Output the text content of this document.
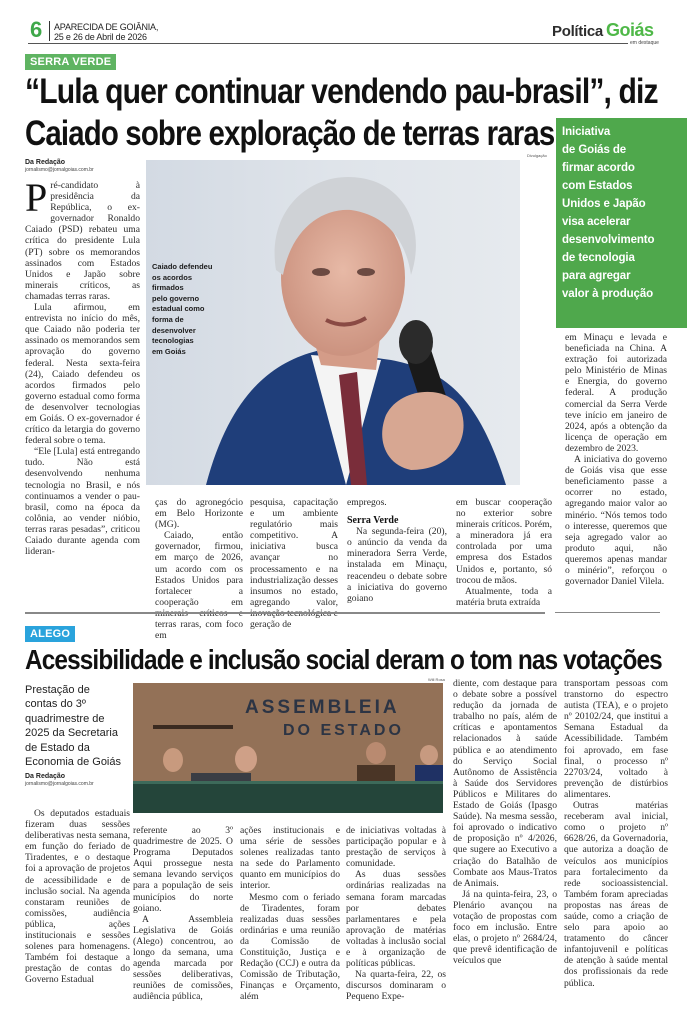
6 APARECIDA DE GOIÂNIA,
25 e 26 de Abril de 2026	Política Goiás
em destaque
SERRA VERDE
“Lula quer continuar vendendo pau-brasil”, diz
Caiado sobre exploração de terras raras
Divulgação

Iniciativa
de Goiás de
firmar acordo
com Estados
Unidos e Japão
visa acelerar
desenvolvimento
de tecnologia
para agregar
valor à produção

Da Redação
jornalismo@jornalgoias.com.br

Pré-candidato à presidência da República, o ex-governador Ronaldo Caiado (PSD) rebateu uma crítica do presidente Lula (PT) sobre os memorandos assinados com Estados Unidos e Japão sobre minerais críticos, as chamadas terras raras.

Lula afirmou, em entrevista no início do mês, que Caiado não poderia ter assinado os memorandos sem aprovação do governo federal. Nesta sexta-feira (24), Caiado defendeu os acordos firmados pelo governo estadual como forma de desenvolver tecnologias em Goiás. O ex-governador é crítico da letargia do governo federal sobre o tema.

“Ele [Lula] está entregando tudo. Não está desenvolvendo nenhuma tecnologia no Brasil, e nós continuamos a vender o pau-brasil, como na época da colônia, ao vender nióbio, terras raras pesadas”, criticou Caiado durante agenda com lideran-

Caiado defendeu
os acordos
firmados
pelo governo
estadual como
forma de
desenvolver
tecnologias
em Goiás

ças do agronegócio em Belo Horizonte (MG).

Caiado, então governador, firmou, em março de 2026, um acordo com os Estados Unidos para fortalecer a cooperação em terras raras, com foco em

pesquisa, capacitação e um ambiente regulatório mais competitivo. A iniciativa busca avançar no processamento e na industrialização desses insumos no estado, agregando valor, geração de

empregos.

Serra Verde

Na segunda-feira (20), o anúncio da venda da mineradora Serra Verde, instalada em Minaçu, reacendeu o debate sobre a iniciativa do governo goiano

em buscar cooperação no exterior sobre minerais críticos. Porém, a mineradora já era controlada por uma empresa dos Estados Unidos e, portanto, só trocou de mãos.

Atualmente, toda a matéria bruta extraída

em Minaçu e levada e beneficiada na China. A extração foi autorizada pelo Ministério de Minas e Energia, do governo federal. A produção comercial da Serra Verde teve início em janeiro de 2024, após a obtenção da licença de operação em dezembro de 2023.

A iniciativa do governo de Goiás visa que esse beneficiamento passe a ocorrer no estado, agregando maior valor ao minério. “Nós temos todo o interesse, queremos que seja agregado valor ao produto aqui, não queremos apenas mandar o minério”, reforçou o governador Daniel Vilela.

ALEGO
Acessibilidade e inclusão social deram o tom nas votações
Prestação de
contas do 3º
quadrimestre de
2025 da Secretaria
de Estado da
Economia de Goiás
Da Redação
jornalismo@jornalgoias.com.br
Will Rosa
ASSEMBLEIA
DO ESTADO

Os deputados estaduais fizeram duas sessões deliberativas nesta semana, em função do feriado de Tiradentes, e o destaque foi a aprovação de projetos de acessibilidade e de inclusão social. Na agenda constaram reuniões de comissões, audiência pública, ações institucionais e sessões solenes para homenagens. Também foi destaque a prestação de contas do Governo Estadual

referente ao 3º quadrimestre de 2025. O Programa Deputados Aqui prossegue nesta semana levando serviços para a população de seis municípios do norte goiano.

A Assembleia Legislativa de Goiás (Alego) concentrou, ao longo da semana, uma agenda marcada por sessões deliberativas, reuniões de comissões, audiência pública,

ações institucionais e uma série de sessões solenes realizadas tanto na sede do Parlamento quanto em municípios do interior.

Mesmo com o feriado de Tiradentes, foram realizadas duas sessões ordinárias e uma reunião da Comissão de Constituição, Justiça e Redação (CCJ) e outra da Comissão de Tributação, Finanças e Orçamento, além

de iniciativas voltadas à participação popular e à prestação de serviços à comunidade.

As duas sessões ordinárias realizadas na semana foram marcadas por debates parlamentares e pela aprovação de matérias voltadas à inclusão social e à organização de políticas públicas.

Na quarta-feira, 22, os discursos dominaram o Pequeno Expe-

diente, com destaque para o debate sobre a possível redução da jornada de trabalho no país, além de críticas e apontamentos relacionados à saúde pública e ao atendimento do Serviço Social Autônomo de Assistência à Saúde dos Servidores Públicos e Militares do Estado de Goiás (Ipasgo Saúde). Na mesma sessão, foi aprovado o indicativo de proposição nº 4/2026, que sugere ao Executivo a criação do Batalhão de Combate aos Maus-Tratos de Animais.

Já na quinta-feira, 23, o Plenário avançou na votação de propostas com foco em inclusão. Entre elas, o projeto nº 2684/24, que prevê identificação de veículos que

transportam pessoas com transtorno do espectro autista (TEA), e o projeto nº 20102/24, que institui a Semana Estadual da Acessibilidade. Também foi aprovado, em fase final, o processo nº 22703/24, voltado à prevenção de distúrbios alimentares.

Outras matérias receberam aval inicial, como o projeto nº 6628/26, da Governadoria, que autoriza a doação de veículos aos municípios para fortalecimento da rede socioassistencial. Também foram apreciadas propostas nas áreas de saúde, como a criação de selo para apoio ao tratamento do câncer infantojuvenil e políticas de atenção à saúde mental dos profissionais da rede pública.
